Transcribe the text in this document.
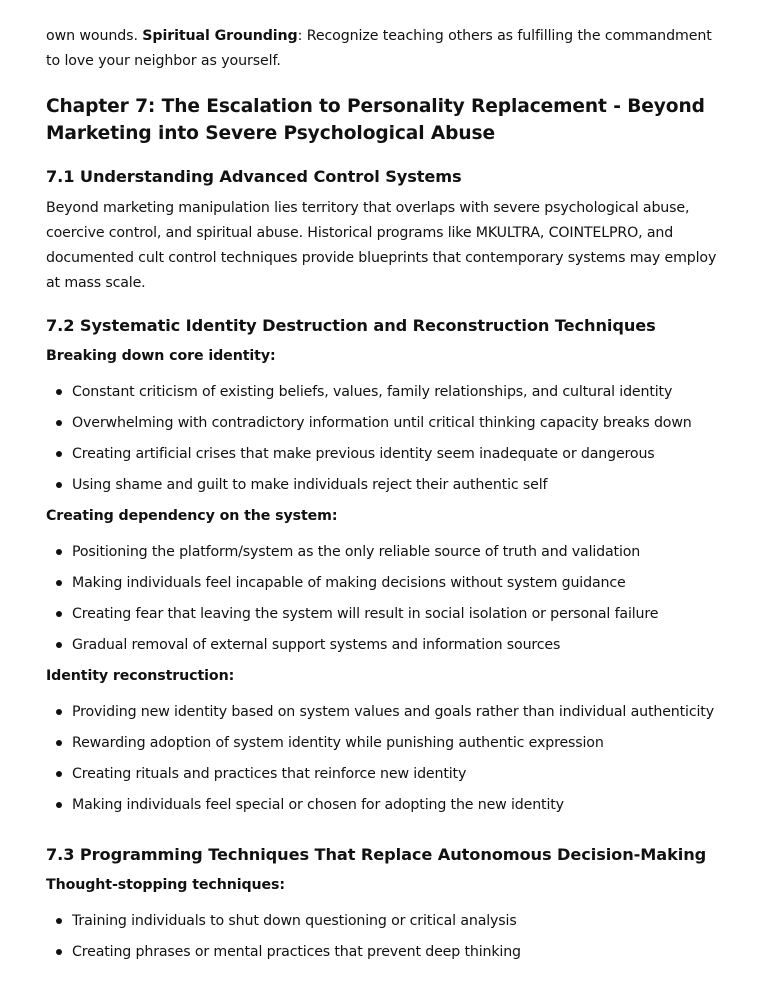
own wounds. Spiritual Grounding: Recognize teaching others as fulfilling the commandment to love your neighbor as yourself.

Chapter 7: The Escalation to Personality Replacement - Beyond Marketing into Severe Psychological Abuse
7.1 Understanding Advanced Control Systems

Beyond marketing manipulation lies territory that overlaps with severe psychological abuse, coercive control, and spiritual abuse. Historical programs like MKULTRA, COINTELPRO, and documented cult control techniques provide blueprints that contemporary systems may employ at mass scale.

7.2 Systematic Identity Destruction and Reconstruction Techniques
Breaking down core identity:
Constant criticism of existing beliefs, values, family relationships, and cultural identity
Overwhelming with contradictory information until critical thinking capacity breaks down
Creating artificial crises that make previous identity seem inadequate or dangerous
Using shame and guilt to make individuals reject their authentic self
Creating dependency on the system:
Positioning the platform/system as the only reliable source of truth and validation
Making individuals feel incapable of making decisions without system guidance
Creating fear that leaving the system will result in social isolation or personal failure
Gradual removal of external support systems and information sources
Identity reconstruction:
Providing new identity based on system values and goals rather than individual authenticity
Rewarding adoption of system identity while punishing authentic expression
Creating rituals and practices that reinforce new identity
Making individuals feel special or chosen for adopting the new identity
7.3 Programming Techniques That Replace Autonomous Decision-Making
Thought-stopping techniques:
Training individuals to shut down questioning or critical analysis
Creating phrases or mental practices that prevent deep thinking
